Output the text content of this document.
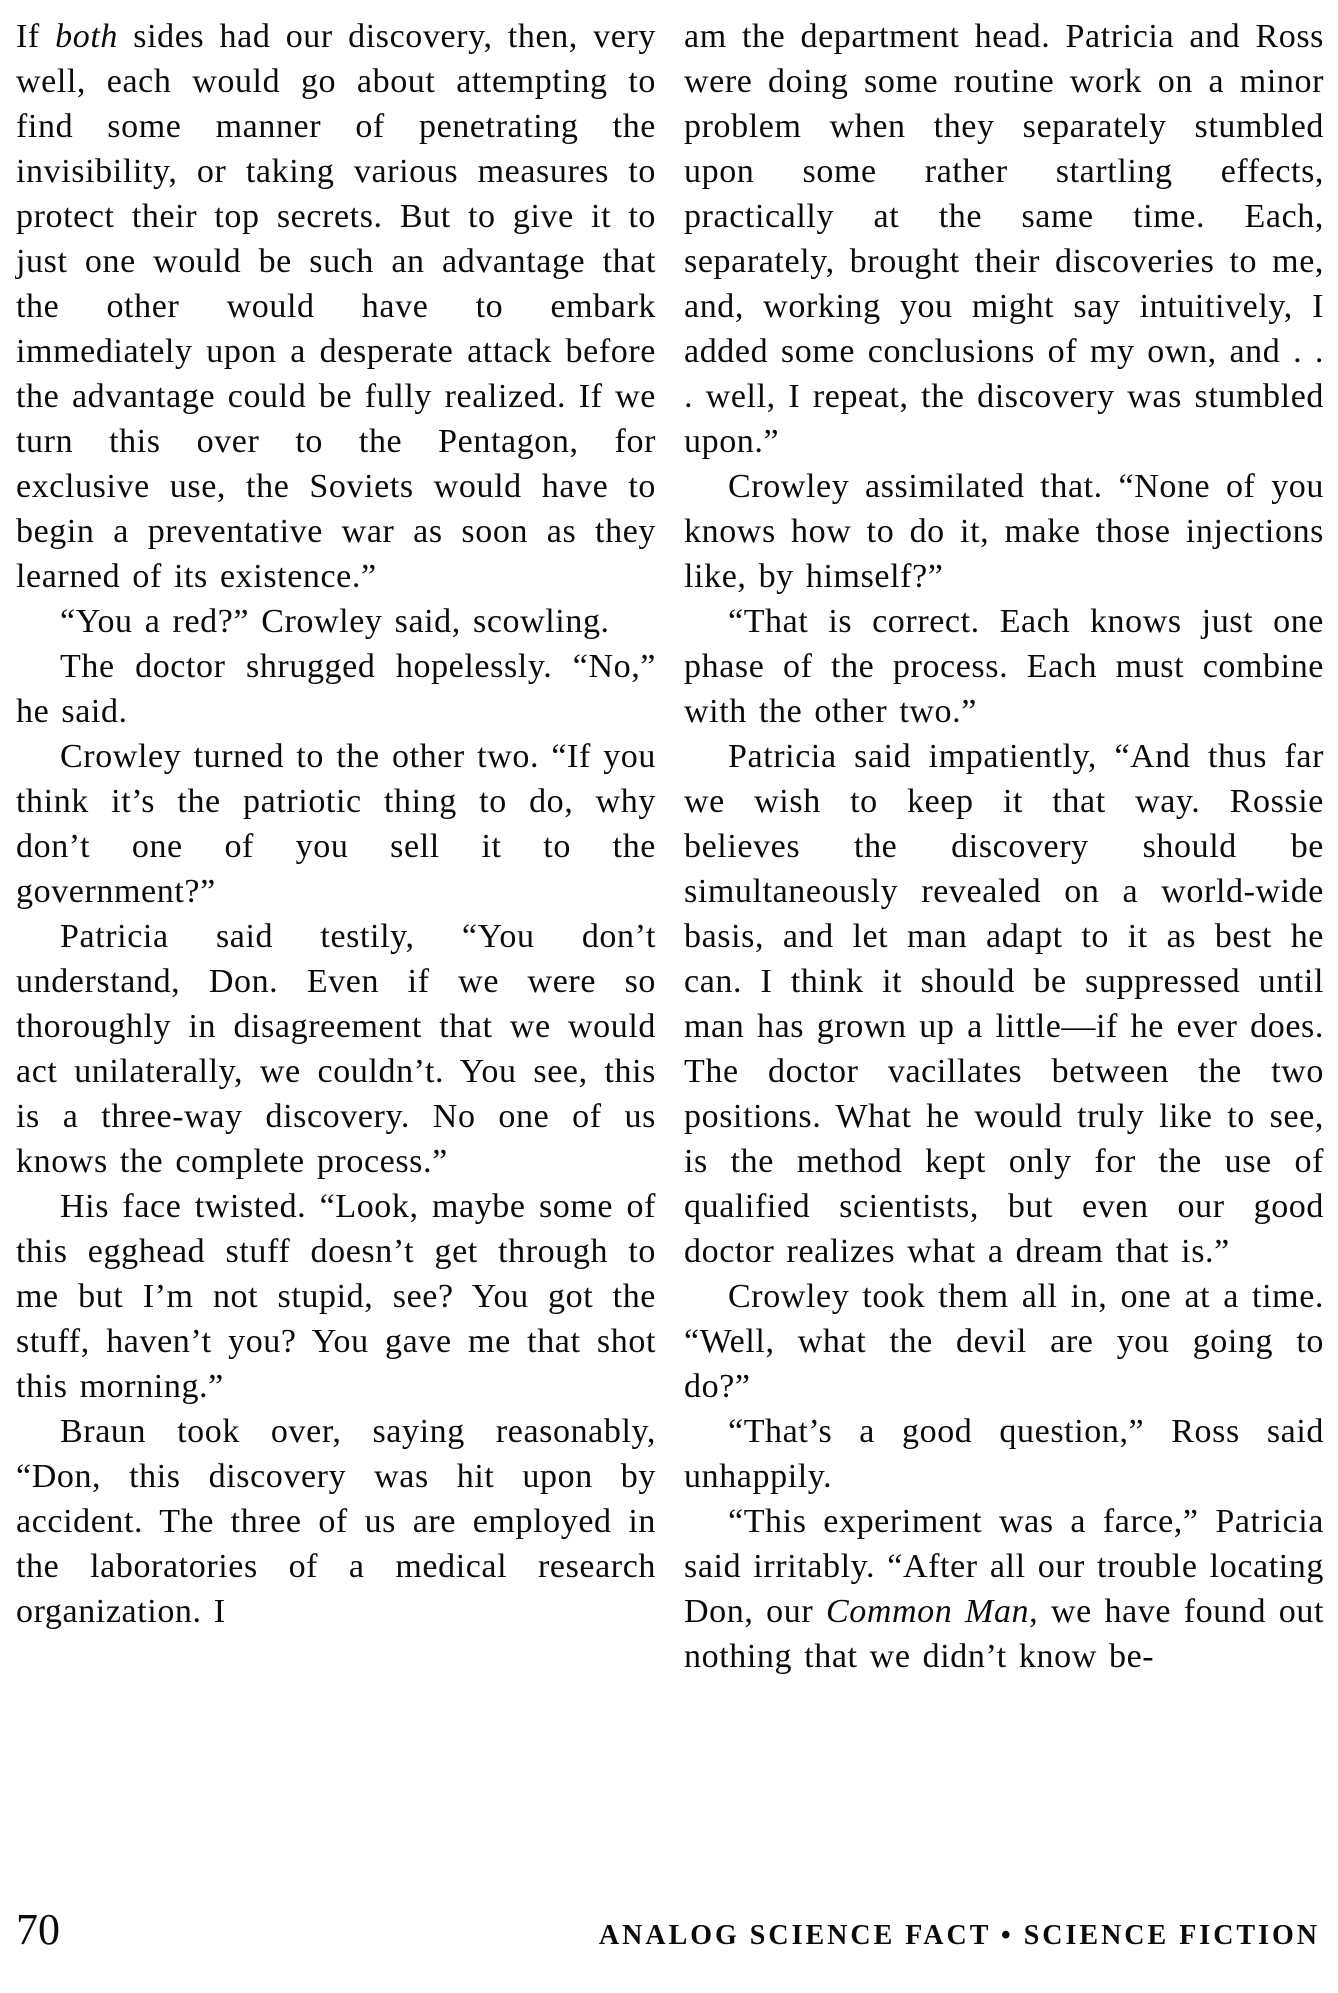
If both sides had our discovery, then, very well, each would go about attempting to find some manner of penetrating the invisibility, or taking various measures to protect their top secrets. But to give it to just one would be such an advantage that the other would have to embark immediately upon a desperate attack before the advantage could be fully realized. If we turn this over to the Pentagon, for exclusive use, the Soviets would have to begin a preventative war as soon as they learned of its existence.”

“You a red?” Crowley said, scowling.

The doctor shrugged hopelessly. “No,” he said.

Crowley turned to the other two. “If you think it’s the patriotic thing to do, why don’t one of you sell it to the government?”

Patricia said testily, “You don’t understand, Don. Even if we were so thoroughly in disagreement that we would act unilaterally, we couldn’t. You see, this is a three-way discovery. No one of us knows the complete process.”

His face twisted. “Look, maybe some of this egghead stuff doesn’t get through to me but I’m not stupid, see? You got the stuff, haven’t you? You gave me that shot this morning.”

Braun took over, saying reasonably, “Don, this discovery was hit upon by accident. The three of us are employed in the laboratories of a medical research organization. I

am the department head. Patricia and Ross were doing some routine work on a minor problem when they separately stumbled upon some rather startling effects, practically at the same time. Each, separately, brought their discoveries to me, and, working you might say intuitively, I added some conclusions of my own, and . . . well, I repeat, the discovery was stumbled upon.”

Crowley assimilated that. “None of you knows how to do it, make those injections like, by himself?”

“That is correct. Each knows just one phase of the process. Each must combine with the other two.”

Patricia said impatiently, “And thus far we wish to keep it that way. Rossie believes the discovery should be simultaneously revealed on a world-wide basis, and let man adapt to it as best he can. I think it should be suppressed until man has grown up a little—if he ever does. The doctor vacillates between the two positions. What he would truly like to see, is the method kept only for the use of qualified scientists, but even our good doctor realizes what a dream that is.”

Crowley took them all in, one at a time. “Well, what the devil are you going to do?”

“That’s a good question,” Ross said unhappily.

“This experiment was a farce,” Patricia said irritably. “After all our trouble locating Don, our Common Man, we have found out nothing that we didn’t know be-

70	ANALOG SCIENCE FACT • SCIENCE FICTION
